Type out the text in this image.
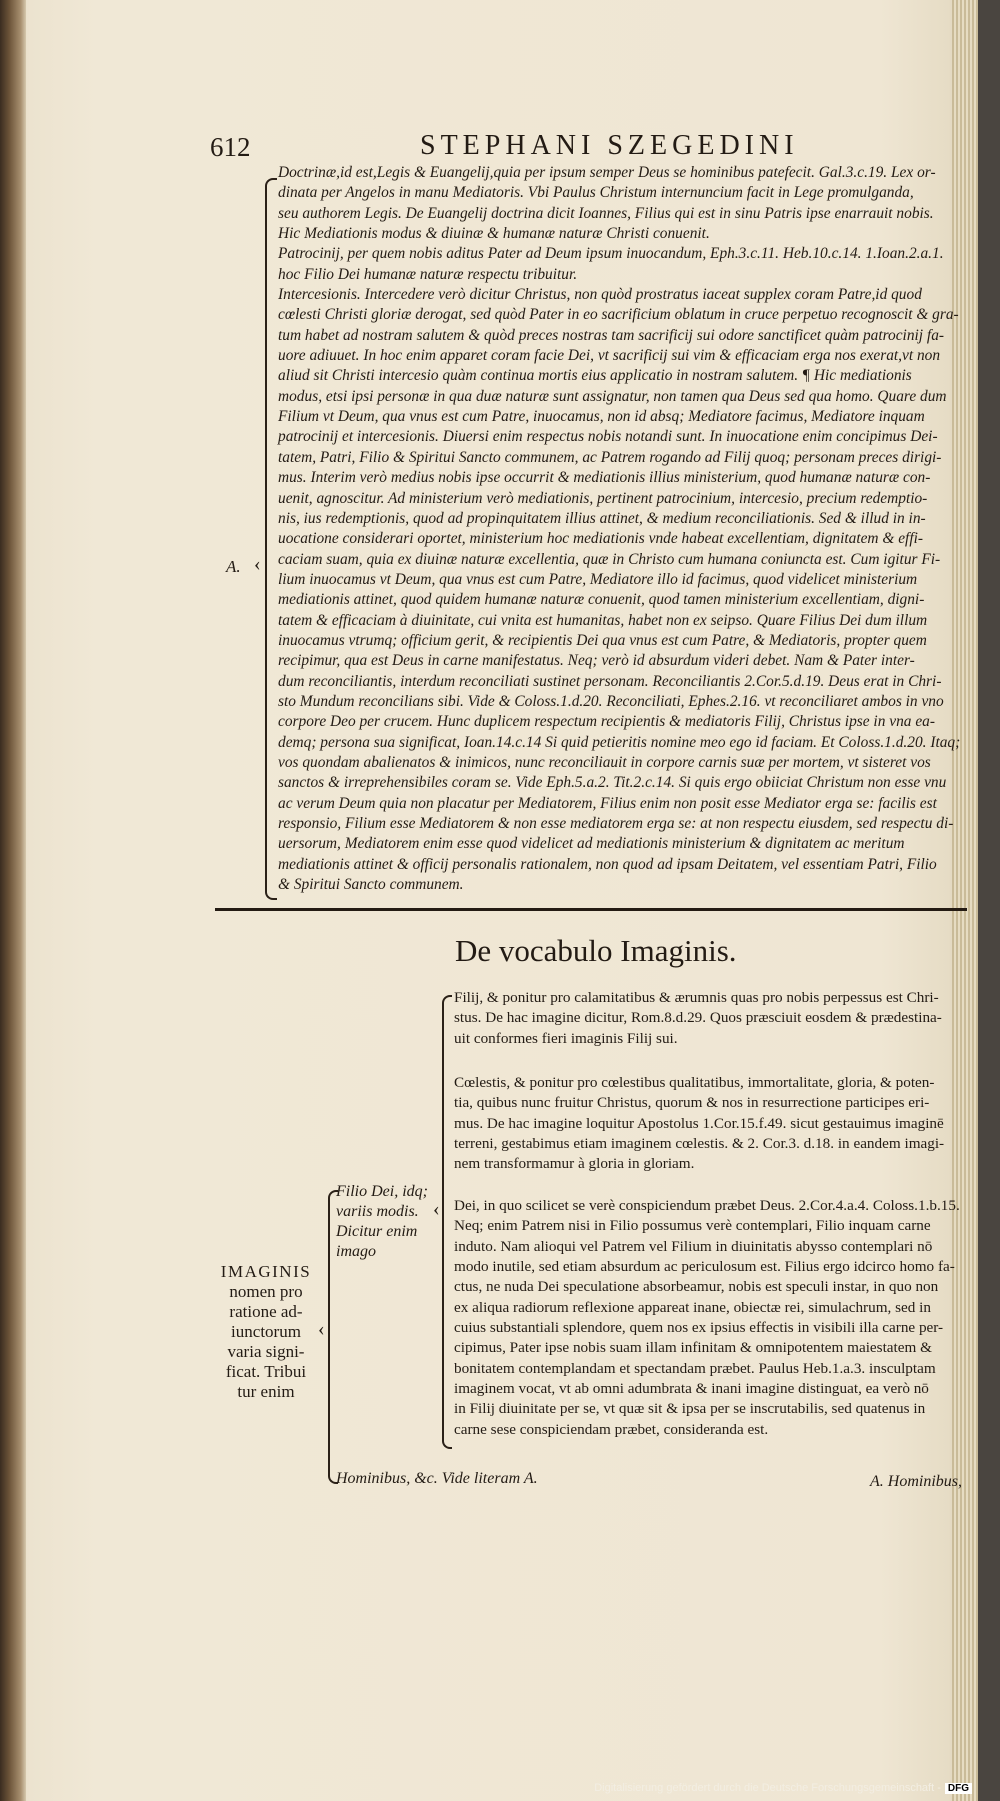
612	STEPHANI SZEGEDINI
A. ‹
Doctrinæ,id est,Legis & Euangelij,quia per ipsum semper Deus se hominibus patefecit. Gal.3.c.19. Lex or-
dinata per Angelos in manu Mediatoris. Vbi Paulus Christum internuncium facit in Lege promulganda,
seu authorem Legis. De Euangelij doctrina dicit Ioannes, Filius qui est in sinu Patris ipse enarrauit nobis.
Hic Mediationis modus & diuinæ & humanæ naturæ Christi conuenit.
Patrocinij, per quem nobis aditus Pater ad Deum ipsum inuocandum, Eph.3.c.11. Heb.10.c.14. 1.Ioan.2.a.1.
hoc Filio Dei humanæ naturæ respectu tribuitur.
Intercesionis. Intercedere verò dicitur Christus, non quòd prostratus iaceat supplex coram Patre,id quod
cœlesti Christi gloriæ derogat, sed quòd Pater in eo sacrificium oblatum in cruce perpetuo recognoscit & gra-
tum habet ad nostram salutem & quòd preces nostras tam sacrificij sui odore sanctificet quàm patrocinij fa-
uore adiuuet. In hoc enim apparet coram facie Dei, vt sacrificij sui vim & efficaciam erga nos exerat,vt non
aliud sit Christi intercesio quàm continua mortis eius applicatio in nostram salutem. ¶ Hic mediationis
modus, etsi ipsi personæ in qua duæ naturæ sunt assignatur, non tamen qua Deus sed qua homo. Quare dum
Filium vt Deum, qua vnus est cum Patre, inuocamus, non id absq; Mediatore facimus, Mediatore inquam
patrocinij et intercesionis. Diuersi enim respectus nobis notandi sunt. In inuocatione enim concipimus Dei-
tatem, Patri, Filio & Spiritui Sancto communem, ac Patrem rogando ad Filij quoq; personam preces dirigi-
mus. Interim verò medius nobis ipse occurrit & mediationis illius ministerium, quod humanæ naturæ con-
uenit, agnoscitur. Ad ministerium verò mediationis, pertinent patrocinium, intercesio, precium redemptio-
nis, ius redemptionis, quod ad propinquitatem illius attinet, & medium reconciliationis. Sed & illud in in-
uocatione considerari oportet, ministerium hoc mediationis vnde habeat excellentiam, dignitatem & effi-
caciam suam, quia ex diuinæ naturæ excellentia, quæ in Christo cum humana coniuncta est. Cum igitur Fi-
lium inuocamus vt Deum, qua vnus est cum Patre, Mediatore illo id facimus, quod videlicet ministerium
mediationis attinet, quod quidem humanæ naturæ conuenit, quod tamen ministerium excellentiam, digni-
tatem & efficaciam à diuinitate, cui vnita est humanitas, habet non ex seipso. Quare Filius Dei dum illum
inuocamus vtrumq; officium gerit, & recipientis Dei qua vnus est cum Patre, & Mediatoris, propter quem
recipimur, qua est Deus in carne manifestatus. Neq; verò id absurdum videri debet. Nam & Pater inter-
dum reconciliantis, interdum reconciliati sustinet personam. Reconciliantis 2.Cor.5.d.19. Deus erat in Chri-
sto Mundum reconcilians sibi. Vide & Coloss.1.d.20. Reconciliati, Ephes.2.16. vt reconciliaret ambos in vno
corpore Deo per crucem. Hunc duplicem respectum recipientis & mediatoris Filij, Christus ipse in vna ea-
demq; persona sua significat, Ioan.14.c.14 Si quid petieritis nomine meo ego id faciam. Et Coloss.1.d.20. Itaq;
vos quondam abalienatos & inimicos, nunc reconciliauit in corpore carnis suæ per mortem, vt sisteret vos
sanctos & irreprehensibiles coram se. Vide Eph.5.a.2. Tit.2.c.14. Si quis ergo obiiciat Christum non esse vnu
ac verum Deum quia non placatur per Mediatorem, Filius enim non posit esse Mediator erga se: facilis est
responsio, Filium esse Mediatorem & non esse mediatorem erga se: at non respectu eiusdem, sed respectu di-
uersorum, Mediatorem enim esse quod videlicet ad mediationis ministerium & dignitatem ac meritum
mediationis attinet & officij personalis rationalem, non quod ad ipsam Deitatem, vel essentiam Patri, Filio
& Spiritui Sancto communem.
De vocabulo Imaginis.
IMAGINIS
nomen pro
ratione ad-
iunctorum
varia signi-
ficat. Tribui
tur enim
‹
Filio Dei, idq;
variis modis.
Dicitur enim
imago
‹
Filij, & ponitur pro calamitatibus & ærumnis quas pro nobis perpessus est Chri-
stus. De hac imagine dicitur, Rom.8.d.29. Quos præsciuit eosdem & prædestina-
uit conformes fieri imaginis Filij sui.
Cœlestis, & ponitur pro cœlestibus qualitatibus, immortalitate, gloria, & poten-
tia, quibus nunc fruitur Christus, quorum & nos in resurrectione participes eri-
mus. De hac imagine loquitur Apostolus 1.Cor.15.f.49. sicut gestauimus imaginē
terreni, gestabimus etiam imaginem cœlestis. & 2. Cor.3. d.18. in eandem imagi-
nem transformamur à gloria in gloriam.
Dei, in quo scilicet se verè conspiciendum præbet Deus. 2.Cor.4.a.4. Coloss.1.b.15.
Neq; enim Patrem nisi in Filio possumus verè contemplari, Filio inquam carne
induto. Nam alioqui vel Patrem vel Filium in diuinitatis abysso contemplari nō
modo inutile, sed etiam absurdum ac periculosum est. Filius ergo idcirco homo fa-
ctus, ne nuda Dei speculatione absorbeamur, nobis est speculi instar, in quo non
ex aliqua radiorum reflexione appareat inane, obiectæ rei, simulachrum, sed in
cuius substantiali splendore, quem nos ex ipsius effectis in visibili illa carne per-
cipimus, Pater ipse nobis suam illam infinitam & omnipotentem maiestatem &
bonitatem contemplandam et spectandam præbet. Paulus Heb.1.a.3. insculptam
imaginem vocat, vt ab omni adumbrata & inani imagine distinguat, ea verò nō
in Filij diuinitate per se, vt quæ sit & ipsa per se inscrutabilis, sed quatenus in
carne sese conspiciendam præbet, consideranda est.
Hominibus, &c. Vide literam A.	A. Hominibus,
Digitalisierung gefördert durch die Deutsche Forschungsgemeinschaft - DFG
